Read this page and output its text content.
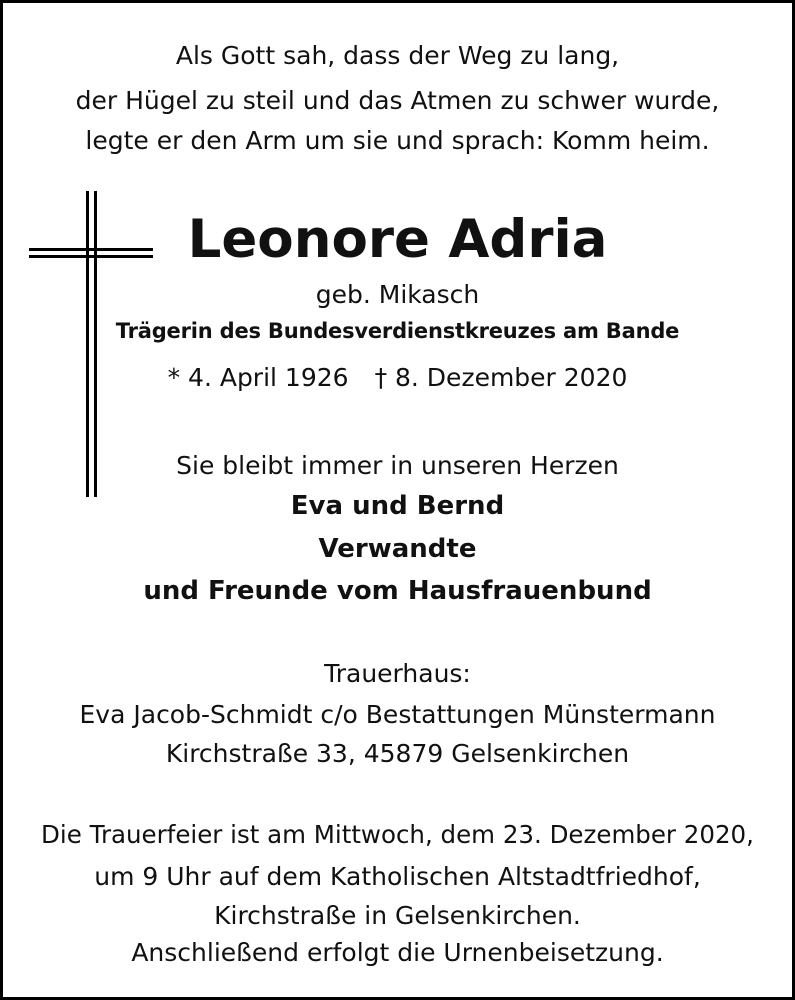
Als Gott sah, dass der Weg zu lang,
der Hügel zu steil und das Atmen zu schwer wurde,
legte er den Arm um sie und sprach: Komm heim.
Leonore Adria
geb. Mikasch
Trägerin des Bundesverdienstkreuzes am Bande
* 4. April 1926 † 8. Dezember 2020
Sie bleibt immer in unseren Herzen
Eva und Bernd
Verwandte
und Freunde vom Hausfrauenbund
Trauerhaus:
Eva Jacob-Schmidt c/o Bestattungen Münstermann
Kirchstraße 33, 45879 Gelsenkirchen
Die Trauerfeier ist am Mittwoch, dem 23. Dezember 2020,
um 9 Uhr auf dem Katholischen Altstadtfriedhof,
Kirchstraße in Gelsenkirchen.
Anschließend erfolgt die Urnenbeisetzung.
